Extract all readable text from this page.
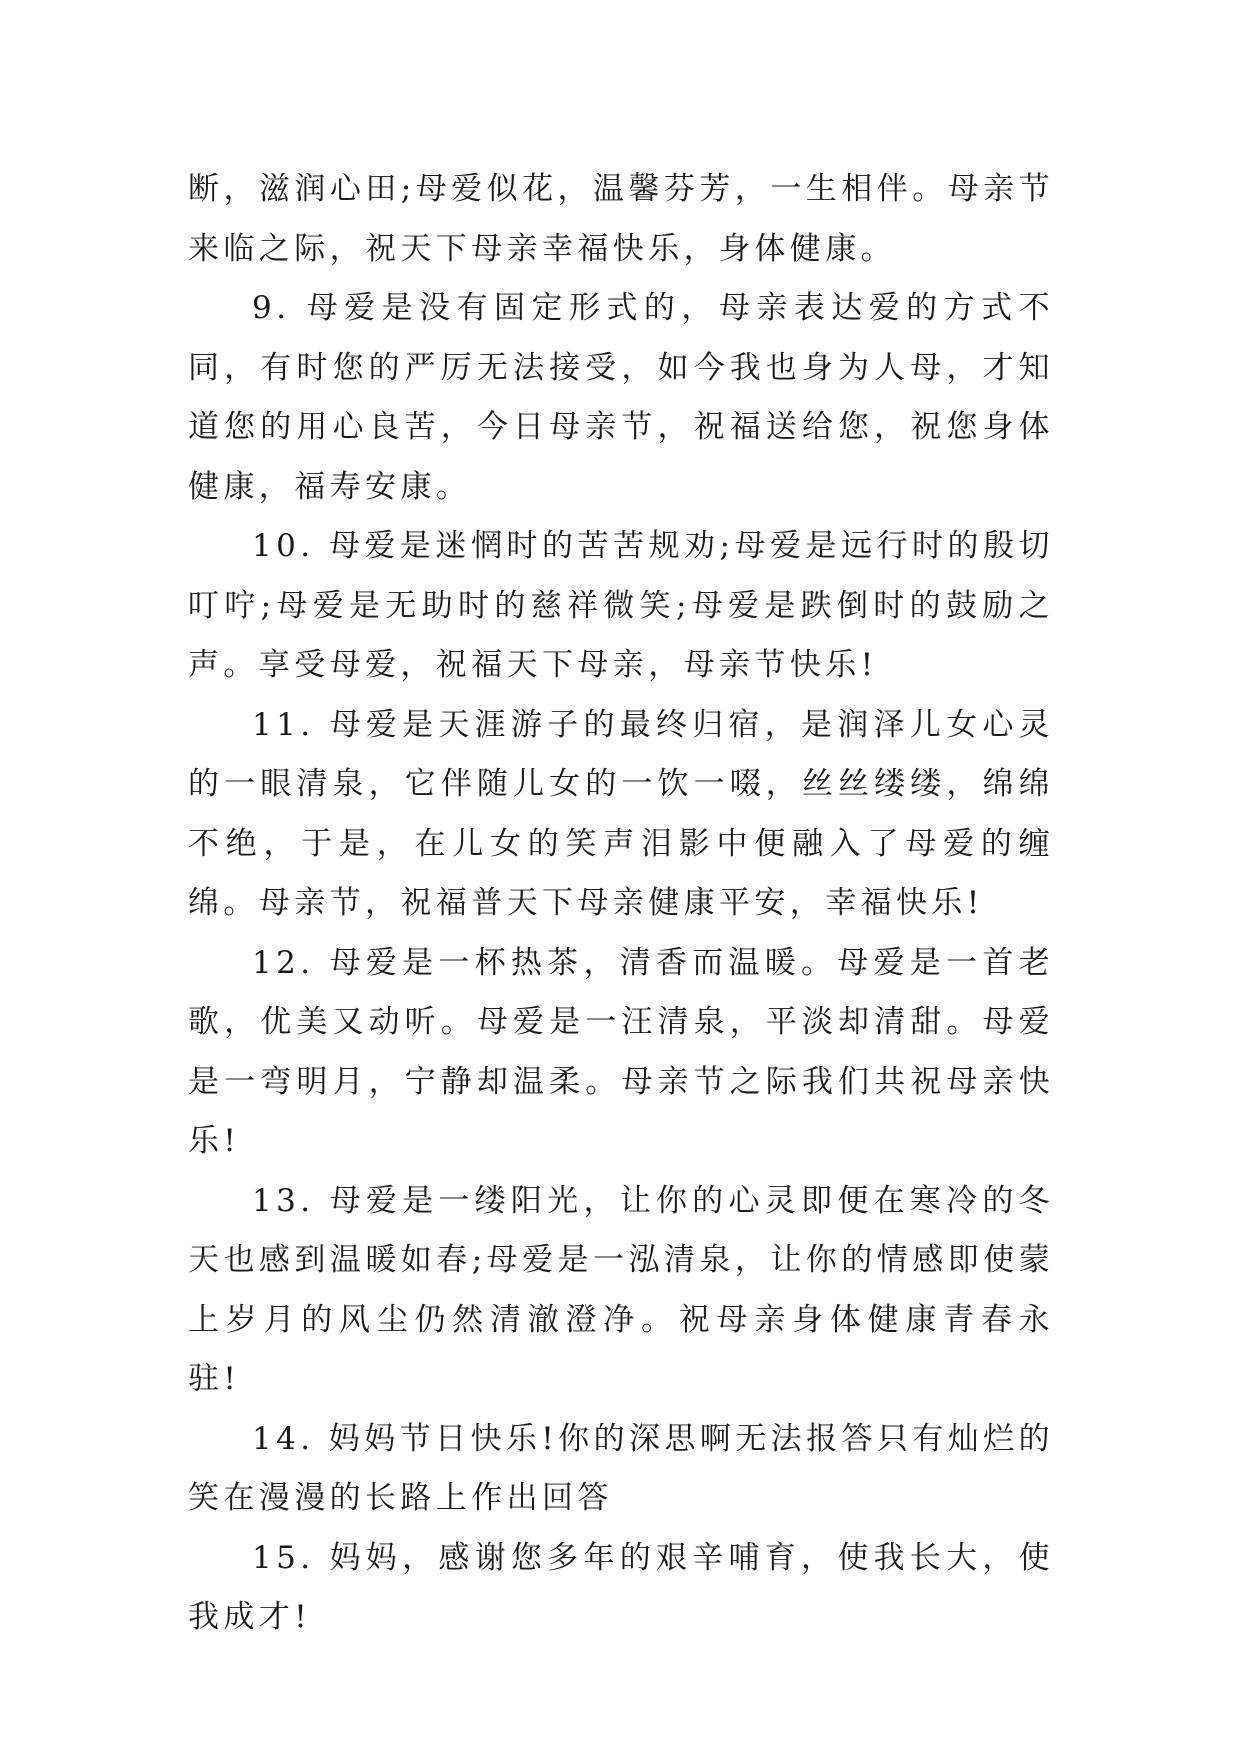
断，滋润心田;母爱似花，温馨芬芳，一生相伴。母亲节来临之际，祝天下母亲幸福快乐，身体健康。

9. 母爱是没有固定形式的，母亲表达爱的方式不同，有时您的严厉无法接受，如今我也身为人母，才知道您的用心良苦，今日母亲节，祝福送给您，祝您身体健康，福寿安康。

10. 母爱是迷惘时的苦苦规劝;母爱是远行时的殷切叮咛;母爱是无助时的慈祥微笑;母爱是跌倒时的鼓励之声。享受母爱，祝福天下母亲，母亲节快乐!

11. 母爱是天涯游子的最终归宿，是润泽儿女心灵的一眼清泉，它伴随儿女的一饮一啜，丝丝缕缕，绵绵不绝，于是，在儿女的笑声泪影中便融入了母爱的缠绵。母亲节，祝福普天下母亲健康平安，幸福快乐!

12. 母爱是一杯热茶，清香而温暖。母爱是一首老歌，优美又动听。母爱是一汪清泉，平淡却清甜。母爱是一弯明月，宁静却温柔。母亲节之际我们共祝母亲快乐!

13. 母爱是一缕阳光，让你的心灵即便在寒冷的冬天也感到温暖如春;母爱是一泓清泉，让你的情感即使蒙上岁月的风尘仍然清澈澄净。祝母亲身体健康青春永驻!

14. 妈妈节日快乐!你的深思啊无法报答只有灿烂的笑在漫漫的长路上作出回答

15. 妈妈，感谢您多年的艰辛哺育，使我长大，使我成才!
